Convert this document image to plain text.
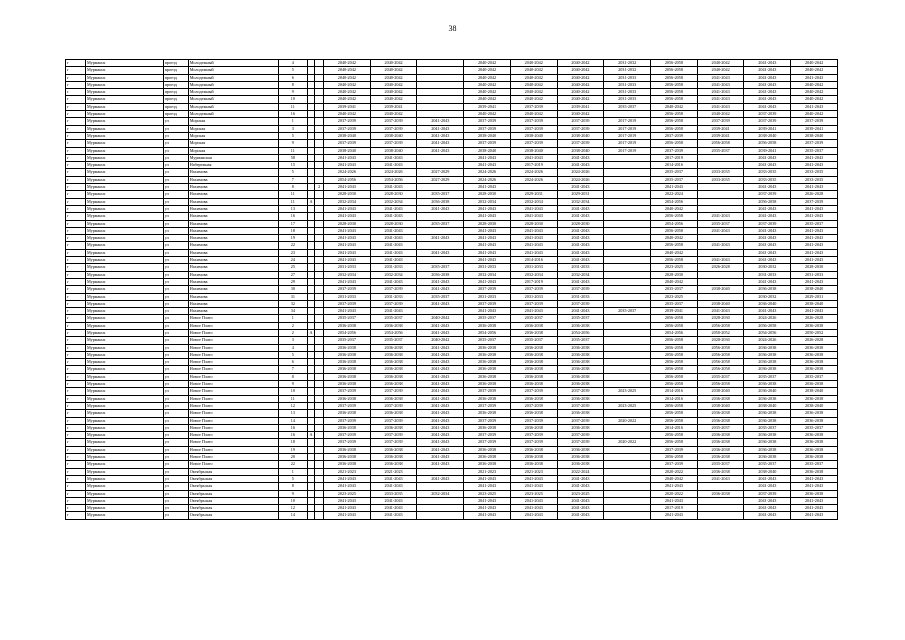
38
г	Мурманск	проезд	Молодежный	4			2040-2042	2040-2042		2040-2042	2040-2042	2040-2042	2031-2032	2056-2058	2040-2042	2041-2043	2040-2042
г	Мурманск	проезд	Молодежный	5			2040-2042	2040-2042		2040-2042	2040-2042	2040-2042	2031-2032	2056-2058	2040-2042	2041-2043	2040-2042
г	Мурманск	проезд	Молодежный	6			2040-2042	2040-2042		2040-2042	2040-2042	2040-2042	2031-2033	2056-2058	2041-2043	2041-2043	2041-2043
г	Мурманск	проезд	Молодежный	8			2040-2042	2040-2042		2040-2042	2040-2042	2040-2042	2031-2033	2056-2058	2041-2043	2041-2043	2040-2042
г	Мурманск	проезд	Молодежный	9			2040-2042	2040-2042		2040-2042	2040-2042	2040-2042	2031-2033	2056-2058	2041-2043	2041-2043	2040-2042
г	Мурманск	проезд	Молодежный	10			2040-2042	2040-2042		2040-2042	2040-2042	2040-2042	2031-2033	2056-2058	2041-2043	2041-2043	2040-2042
г	Мурманск	проезд	Молодежный	11			2039-2041	2039-2041		2039-2041	2037-2039	2039-2041	2035-2037	2040-2042	2041-2043	2041-2043	2041-2043
г	Мурманск	проезд	Молодежный	16			2040-2042	2040-2042		2040-2042	2040-2042	2040-2042		2056-2058	2040-2042	2037-2039	2040-2042
г	Мурманск	ул	Морская	1			2037-2039	2037-2039	2041-2043	2037-2039	2037-2039	2037-2039	2017-2019	2056-2058	2037-2039	2037-2039	2037-2039
г	Мурманск	ул	Морская	3			2037-2039	2037-2039	2041-2043	2037-2039	2037-2039	2037-2039	2017-2019	2056-2058	2039-2041	2039-2041	2039-2041
г	Мурманск	ул	Морская	5			2038-2040	2038-2040	2041-2043	2038-2040	2038-2040	2038-2040	2017-2019	2037-2039	2039-2041	2038-2040	2038-2040
г	Мурманск	ул	Морская	9			2037-2039	2037-2039	2041-2043	2037-2039	2037-2039	2037-2039	2017-2019	2056-2058	2056-2058	2056-2058	2037-2039
г	Мурманск	ул	Морская	11			2038-2040	2038-2040	2041-2043	2038-2040	2038-2040	2038-2040	2017-2019	2037-2039	2035-2037	2039-2041	2035-2037
г	Мурманск	ул	Мурманская	58			2041-2043	2041-2043		2041-2043	2041-2043	2041-2043		2017-2019		2041-2043	2041-2043
г	Мурманск	ул	Набережная	15			2041-2043	2041-2043		2041-2043	2017-2019	2041-2043		2014-2016		2041-2043	2041-2043
г	Мурманск	ул	Нахимова	5			2024-2026	2024-2026	2027-2029	2024-2026	2024-2026	2024-2026		2035-2037	2033-2035	2033-2035	2033-2035
г	Мурманск	ул	Нахимова	7			2054-2056	2054-2056	2027-2029	2024-2026	2024-2026	2024-2026		2035-2037	2033-2035	2033-2035	2033-2035
г	Мурманск	ул	Нахимова	8		2	2041-2043	2041-2043		2041-2043		2041-2043		2041-2043		2041-2043	2041-2043
г	Мурманск	ул	Нахимова	11			2028-2030	2028-2030	2035-2037	2028-2030	2029-2031	2029-2031		2022-2024		2037-2039	2026-2028
г	Мурманск	ул	Нахимова	11	А		2032-2034	2032-2034	2036-2038	2032-2034	2032-2034	2032-2034		2054-2056		2056-2058	2037-2039
г	Мурманск	ул	Нахимова	13			2041-2043	2041-2043	2041-2043	2041-2043	2041-2043	2041-2043		2040-2042		2041-2043	2041-2043
г	Мурманск	ул	Нахимова	16			2041-2043	2041-2043		2041-2043	2041-2043	2041-2043		2056-2058	2041-2043	2041-2043	2041-2043
г	Мурманск	ул	Нахимова	17			2028-2030	2028-2030	2035-2037	2028-2030	2028-2030	2028-2030		2054-2056	2035-2037	2037-2039	2035-2037
г	Мурманск	ул	Нахимова	18			2041-2043	2041-2043		2041-2043	2041-2043	2041-2043		2056-2058	2041-2043	2041-2043	2041-2043
г	Мурманск	ул	Нахимова	19			2041-2043	2041-2043	2041-2043	2041-2043	2041-2043	2041-2043		2040-2042		2041-2043	2041-2043
г	Мурманск	ул	Нахимова	22			2041-2043	2041-2043		2041-2043	2041-2043	2041-2043		2056-2058	2041-2043	2041-2043	2041-2043
г	Мурманск	ул	Нахимова	23			2041-2043	2041-2043	2041-2043	2041-2043	2041-2043	2041-2043		2040-2042		2041-2043	2041-2043
г	Мурманск	ул	Нахимова	24			2041-2043	2041-2043		2041-2043	2014-2016	2041-2043		2056-2058	2041-2043	2041-2043	2041-2043
г	Мурманск	ул	Нахимова	25			2031-2033	2031-2033	2035-2037	2031-2033	2031-2033	2031-2033		2023-2025	2026-2028	2030-2032	2028-2030
г	Мурманск	ул	Нахимова	27			2032-2034	2032-2034	2036-2038	2032-2034	2032-2034	2032-2034		2028-2030		2031-2033	2031-2033
г	Мурманск	ул	Нахимова	29			2041-2043	2041-2043	2041-2043	2041-2043	2017-2019	2041-2043		2040-2042		2041-2043	2041-2043
г	Мурманск	ул	Нахимова	30			2037-2039	2037-2039	2041-2043	2037-2039	2037-2039	2037-2039		2035-2037	2038-2040	2036-2038	2038-2040
г	Мурманск	ул	Нахимова	31			2031-2033	2031-2033	2035-2037	2031-2033	2031-2033	2031-2033		2023-2025		2030-2032	2029-2031
г	Мурманск	ул	Нахимова	32			2037-2039	2037-2039	2041-2043	2037-2039	2037-2039	2037-2039		2035-2037	2038-2040	2036-2040	2038-2040
г	Мурманск	ул	Нахимова	34			2041-2043	2041-2043		2041-2043	2041-2043	2041-2043	2035-2037	2039-2041	2041-2043	2041-2043	2041-2043
г	Мурманск	ул	Новое Плато	1			2035-2037	2035-2037	2040-2042	2035-2037	2035-2037	2035-2037		2056-2058	2028-2030	2024-2026	2026-2028
г	Мурманск	ул	Новое Плато	2			2036-2038	2036-2038	2041-2043	2036-2038	2036-2038	2036-2038		2056-2058	2056-2058	2056-2058	2036-2038
г	Мурманск	ул	Новое Плато	2	А		2054-2056	2054-2056	2041-2043	2054-2056	2036-2038	2054-2056		2054-2056	2050-2052	2054-2056	2050-2052
г	Мурманск	ул	Новое Плато	3			2035-2037	2035-2037	2040-2042	2035-2037	2035-2037	2035-2037		2056-2058	2028-2030	2024-2026	2026-2028
г	Мурманск	ул	Новое Плато	4			2036-2038	2036-2038	2041-2043	2036-2038	2036-2038	2036-2038		2056-2058	2056-2058	2036-2038	2036-2038
г	Мурманск	ул	Новое Плато	5			2036-2038	2036-2038	2041-2043	2036-2038	2036-2038	2036-2038		2056-2058	2056-2058	2036-2038	2036-2038
г	Мурманск	ул	Новое Плато	6			2036-2038	2036-2038	2041-2043	2036-2038	2036-2038	2036-2038		2056-2058	2056-2058	2036-2038	2036-2038
г	Мурманск	ул	Новое Плато	7			2036-2038	2036-2038	2041-2043	2036-2038	2036-2038	2036-2038		2056-2058	2056-2058	2036-2038	2036-2038
г	Мурманск	ул	Новое Плато	8			2036-2038	2036-2038	2041-2043	2036-2038	2036-2038	2036-2038		2056-2058	2035-2037	2035-2037	2035-2037
г	Мурманск	ул	Новое Плато	9			2036-2038	2036-2038	2041-2043	2036-2038	2036-2038	2036-2038		2056-2058	2056-2058	2036-2038	2036-2038
г	Мурманск	ул	Новое Плато	10			2037-2039	2037-2039	2041-2043	2037-2039	2037-2039	2037-2039	2023-2025	2014-2016	2038-2040	2036-2040	2038-2040
г	Мурманск	ул	Новое Плато	11			2036-2038	2036-2038	2041-2043	2036-2038	2036-2038	2036-2038		2014-2016	2036-2038	2036-2038	2036-2038
г	Мурманск	ул	Новое Плато	12			2037-2039	2037-2039	2041-2043	2037-2039	2037-2039	2037-2039	2023-2025	2056-2058	2038-2040	2038-2040	2038-2040
г	Мурманск	ул	Новое Плато	13			2036-2038	2036-2038	2041-2043	2036-2038	2036-2038	2036-2038		2056-2058	2036-2038	2036-2038	2036-2038
г	Мурманск	ул	Новое Плато	14			2037-2039	2037-2039	2041-2043	2037-2039	2037-2039	2037-2039	2020-2022	2056-2058	2036-2038	2036-2038	2036-2038
г	Мурманск	ул	Новое Плато	16			2036-2038	2036-2038	2041-2043	2036-2038	2036-2038	2036-2038		2014-2016	2035-2037	2035-2037	2035-2037
г	Мурманск	ул	Новое Плато	16	А		2037-2039	2037-2039	2041-2043	2037-2039	2037-2039	2037-2039		2056-2058	2036-2038	2036-2038	2036-2038
г	Мурманск	ул	Новое Плато	18			2037-2039	2037-2039	2041-2043	2037-2039	2037-2039	2037-2039	2020-2022	2056-2058	2036-2038	2036-2038	2036-2038
г	Мурманск	ул	Новое Плато	19			2036-2038	2036-2038	2041-2043	2036-2038	2036-2038	2036-2038		2037-2039	2036-2038	2036-2038	2036-2038
г	Мурманск	ул	Новое Плато	20			2036-2038	2036-2038	2041-2043	2036-2038	2036-2038	2036-2038		2056-2058	2036-2038	2036-2038	2036-2038
г	Мурманск	ул	Новое Плато	22			2036-2038	2036-2038	2041-2043	2036-2038	2036-2038	2036-2038		2037-2039	2035-2037	2035-2037	2035-2037
г	Мурманск	ул	Октябрьская	1			2021-2023	2021-2023		2021-2023	2021-2023	2022-2024		2020-2022	2036-2038	2038-2040	2036-2038
г	Мурманск	ул	Октябрьская	5			2041-2043	2041-2043	2041-2043	2041-2043	2041-2043	2041-2043		2040-2042	2041-2043	2041-2043	2041-2043
г	Мурманск	ул	Октябрьская	8			2041-2043	2041-2043		2041-2043	2041-2043	2041-2043		2041-2043		2041-2043	2041-2043
г	Мурманск	ул	Октябрьская	9			2023-2025	2033-2035	2032-2034	2023-2025	2023-2025	2023-2025		2020-2022	2036-2038	2037-2039	2036-2038
г	Мурманск	ул	Октябрьская	10			2041-2043	2041-2043		2041-2043	2041-2043	2041-2043		2041-2043		2041-2043	2041-2043
г	Мурманск	ул	Октябрьская	12			2041-2043	2041-2043		2041-2043	2041-2043	2041-2043		2017-2019		2041-2043	2041-2043
г	Мурманск	ул	Октябрьская	14			2041-2043	2041-2043		2041-2043	2041-2043	2041-2043		2041-2043		2041-2043	2041-2043
